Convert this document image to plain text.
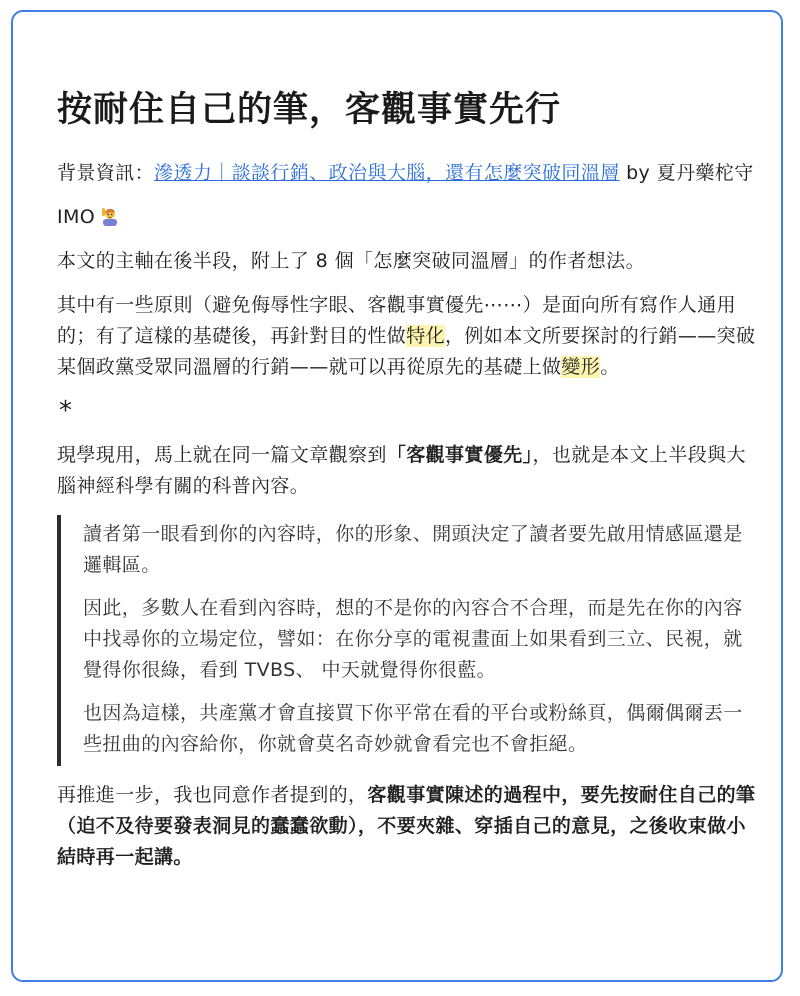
按耐住自己的筆，客觀事實先行

背景資訊：滲透力｜談談行銷、政治與大腦，還有怎麼突破同溫層 by 夏丹藥柁守

IMO

本文的主軸在後半段，附上了 8 個「怎麼突破同溫層」的作者想法。

其中有一些原則（避免侮辱性字眼、客觀事實優先⋯⋯）是面向所有寫作人通用的；有了這樣的基礎後，再針對目的性做特化，例如本文所要探討的行銷——突破某個政黨受眾同溫層的行銷——就可以再從原先的基礎上做變形。

*

現學現用，馬上就在同一篇文章觀察到「客觀事實優先」，也就是本文上半段與大腦神經科學有關的科普內容。

讀者第一眼看到你的內容時，你的形象、開頭決定了讀者要先啟用情感區還是邏輯區。

因此，多數人在看到內容時，想的不是你的內容合不合理，而是先在你的內容中找尋你的立場定位，譬如：在你分享的電視畫面上如果看到三立、民視，就覺得你很綠，看到 TVBS、 中天就覺得你很藍。

也因為這樣，共產黨才會直接買下你平常在看的平台或粉絲頁，偶爾偶爾丟一些扭曲的內容給你，你就會莫名奇妙就會看完也不會拒絕。

再推進一步，我也同意作者提到的，客觀事實陳述的過程中，要先按耐住自己的筆（迫不及待要發表洞見的蠢蠢欲動），不要夾雜、穿插自己的意見，之後收束做小結時再一起講。
